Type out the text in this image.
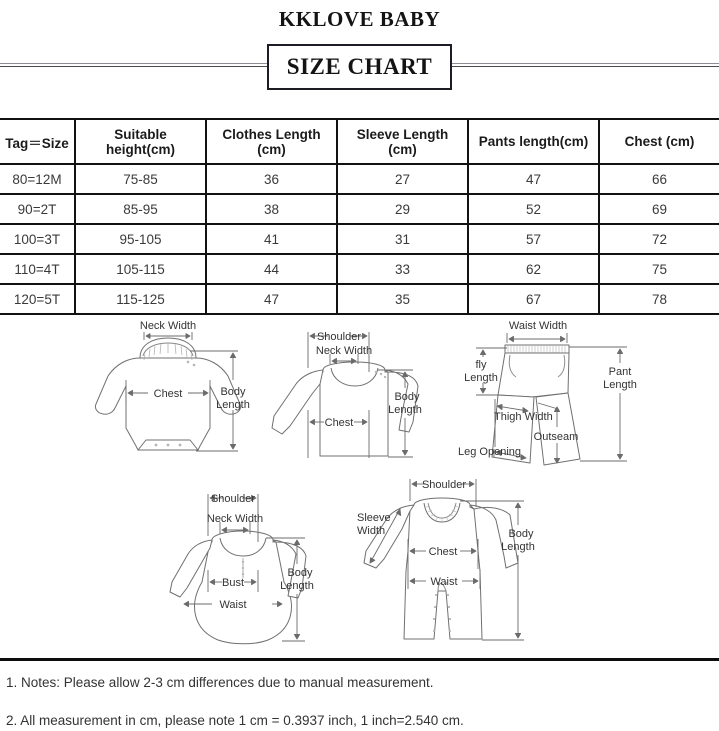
KKLOVE BABY
SIZE CHART
Tag＝Size	Suitable height(cm)	Clothes Length (cm)	Sleeve Length (cm)	Pants length(cm)	Chest (cm)
80=12M	75-85	36	27	47	66
90=2T	85-95	38	29	52	69
100=3T	95-105	41	31	57	72
110=4T	105-115	44	33	62	75
120=5T	115-125	47	35	67	78
Neck Width
Chest	Body
Length
Shoulder
Neck Width
Chest
Body
Length
Waist Width
fly
Length
Thigh Width
Leg Opening
Outseam
Pant
Length
Shoulder
Neck Width
Bust
Waist
Body
Length
Shoulder
Sleeve
Width
Chest
Waist
Body
Length
1. Notes: Please allow 2-3 cm differences due to manual measurement.
2. All measurement in cm, please note 1 cm = 0.3937 inch, 1 inch=2.540 cm.
